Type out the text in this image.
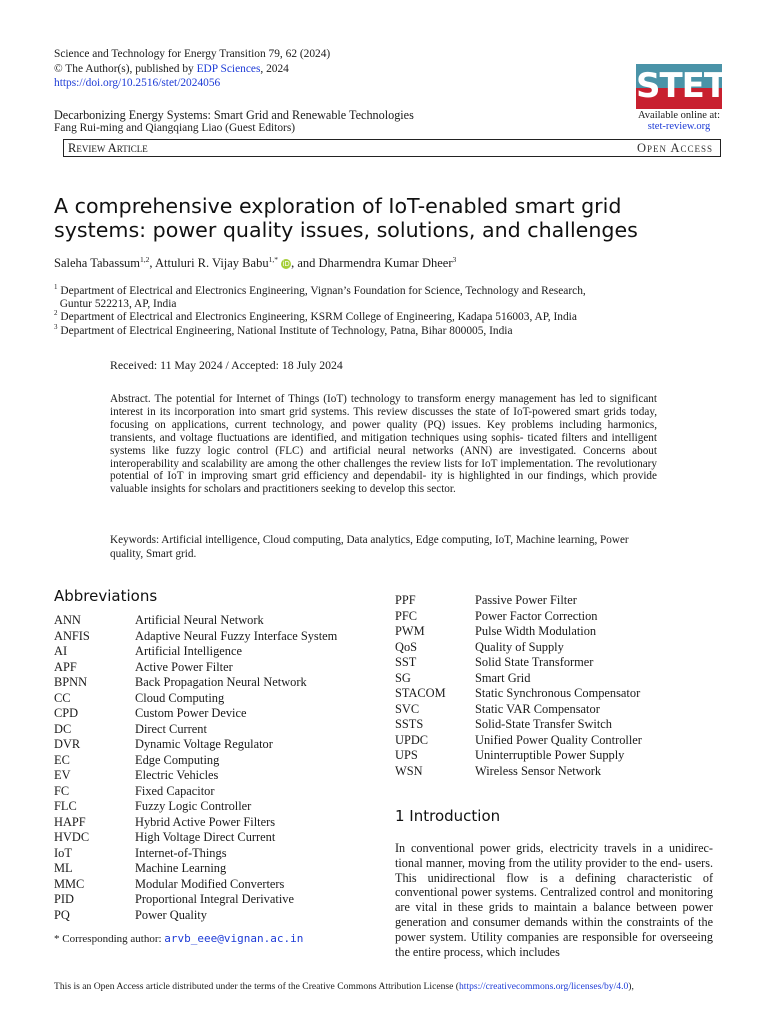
Science and Technology for Energy Transition 79, 62 (2024)
© The Author(s), published by EDP Sciences, 2024
https://doi.org/10.2516/stet/2024056
Decarbonizing Energy Systems: Smart Grid and Renewable Technologies
Fang Rui-ming and Qiangqiang Liao (Guest Editors)
STET
Available online at:
stet-review.org
Review Article	Open Access
A comprehensive exploration of IoT-enabled smart grid
systems: power quality issues, solutions, and challenges
Saleha Tabassum$^{1,2}$, Attuluri R. Vijay Babu$^{1,*}$ iD, and Dharmendra Kumar Dheer$^3$
$^1$ Department of Electrical and Electronics Engineering, Vignan’s Foundation for Science, Technology and Research,
Guntur 522213, AP, India
$^2$ Department of Electrical and Electronics Engineering, KSRM College of Engineering, Kadapa 516003, AP, India
$^3$ Department of Electrical Engineering, National Institute of Technology, Patna, Bihar 800005, India
Received: 11 May 2024 / Accepted: 18 July 2024
Abstract. The potential for Internet of Things (IoT) technology to transform energy management has led to significant interest in its incorporation into smart grid systems. This review discusses the state of IoT-powered smart grids today, focusing on applications, current technology, and power quality (PQ) issues. Key problems including harmonics, transients, and voltage fluctuations are identified, and mitigation techniques using sophis- ticated filters and intelligent systems like fuzzy logic control (FLC) and artificial neural networks (ANN) are investigated. Concerns about interoperability and scalability are among the other challenges the review lists for IoT implementation. The revolutionary potential of IoT in improving smart grid efficiency and dependabil- ity is highlighted in our findings, which provide valuable insights for scholars and practitioners seeking to develop this sector.
Keywords: Artificial intelligence, Cloud computing, Data analytics, Edge computing, IoT, Machine learning, Power quality, Smart grid.
Abbreviations
ANN	Artificial Neural Network
ANFIS	Adaptive Neural Fuzzy Interface System
AI	Artificial Intelligence
APF	Active Power Filter
BPNN	Back Propagation Neural Network
CC	Cloud Computing
CPD	Custom Power Device
DC	Direct Current
DVR	Dynamic Voltage Regulator
EC	Edge Computing
EV	Electric Vehicles
FC	Fixed Capacitor
FLC	Fuzzy Logic Controller
HAPF	Hybrid Active Power Filters
HVDC	High Voltage Direct Current
IoT	Internet-of-Things
ML	Machine Learning
MMC	Modular Modified Converters
PID	Proportional Integral Derivative
PQ	Power Quality
PPF	Passive Power Filter
PFC	Power Factor Correction
PWM	Pulse Width Modulation
QoS	Quality of Supply
SST	Solid State Transformer
SG	Smart Grid
STACOM Static Synchronous Compensator
SVC	Static VAR Compensator
SSTS	Solid-State Transfer Switch
UPDC	Unified Power Quality Controller
UPS	Uninterruptible Power Supply
WSN	Wireless Sensor Network
* Corresponding author: arvb_eee@vignan.ac.in
1 Introduction
In conventional power grids, electricity travels in a unidirec- tional manner, moving from the utility provider to the end- users. This unidirectional flow is a defining characteristic of conventional power systems. Centralized control and monitoring are vital in these grids to maintain a balance between power generation and consumer demands within the constraints of the power system. Utility companies are responsible for overseeing the entire process, which includes
This is an Open Access article distributed under the terms of the Creative Commons Attribution License (https://creativecommons.org/licenses/by/4.0),
